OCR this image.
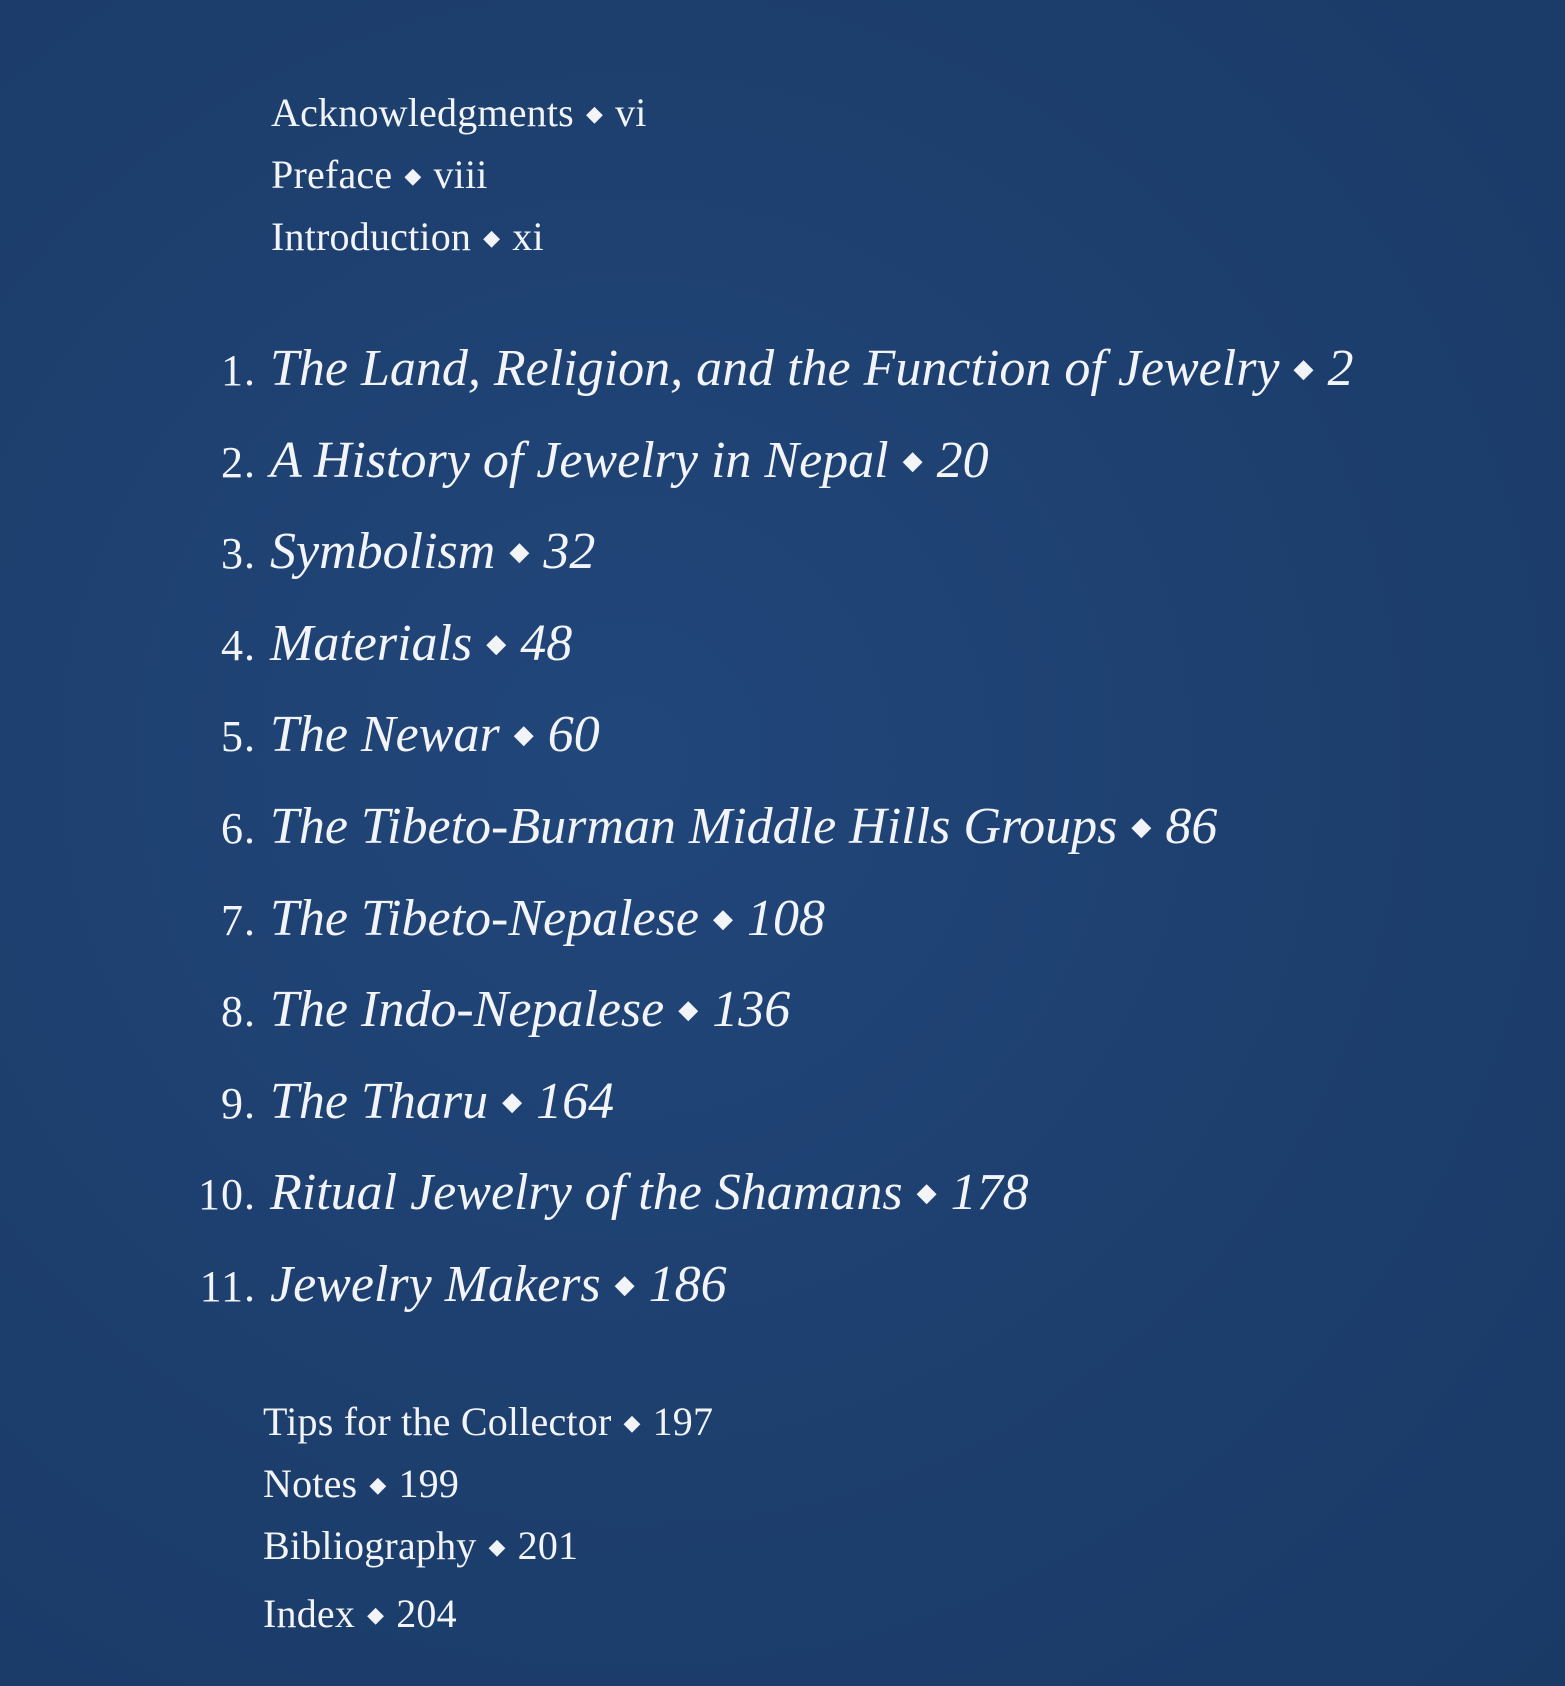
Acknowledgments ◆ vi
Preface ◆ viii
Introduction ◆ xi
1. The Land, Religion, and the Function of Jewelry ◆ 2
2. A History of Jewelry in Nepal ◆ 20
3. Symbolism ◆ 32
4. Materials ◆ 48
5. The Newar ◆ 60
6. The Tibeto-Burman Middle Hills Groups ◆ 86
7. The Tibeto-Nepalese ◆ 108
8. The Indo-Nepalese ◆ 136
9. The Tharu ◆ 164
10. Ritual Jewelry of the Shamans ◆ 178
11. Jewelry Makers ◆ 186
Tips for the Collector ◆ 197
Notes ◆ 199
Bibliography ◆ 201
Index ◆ 204
